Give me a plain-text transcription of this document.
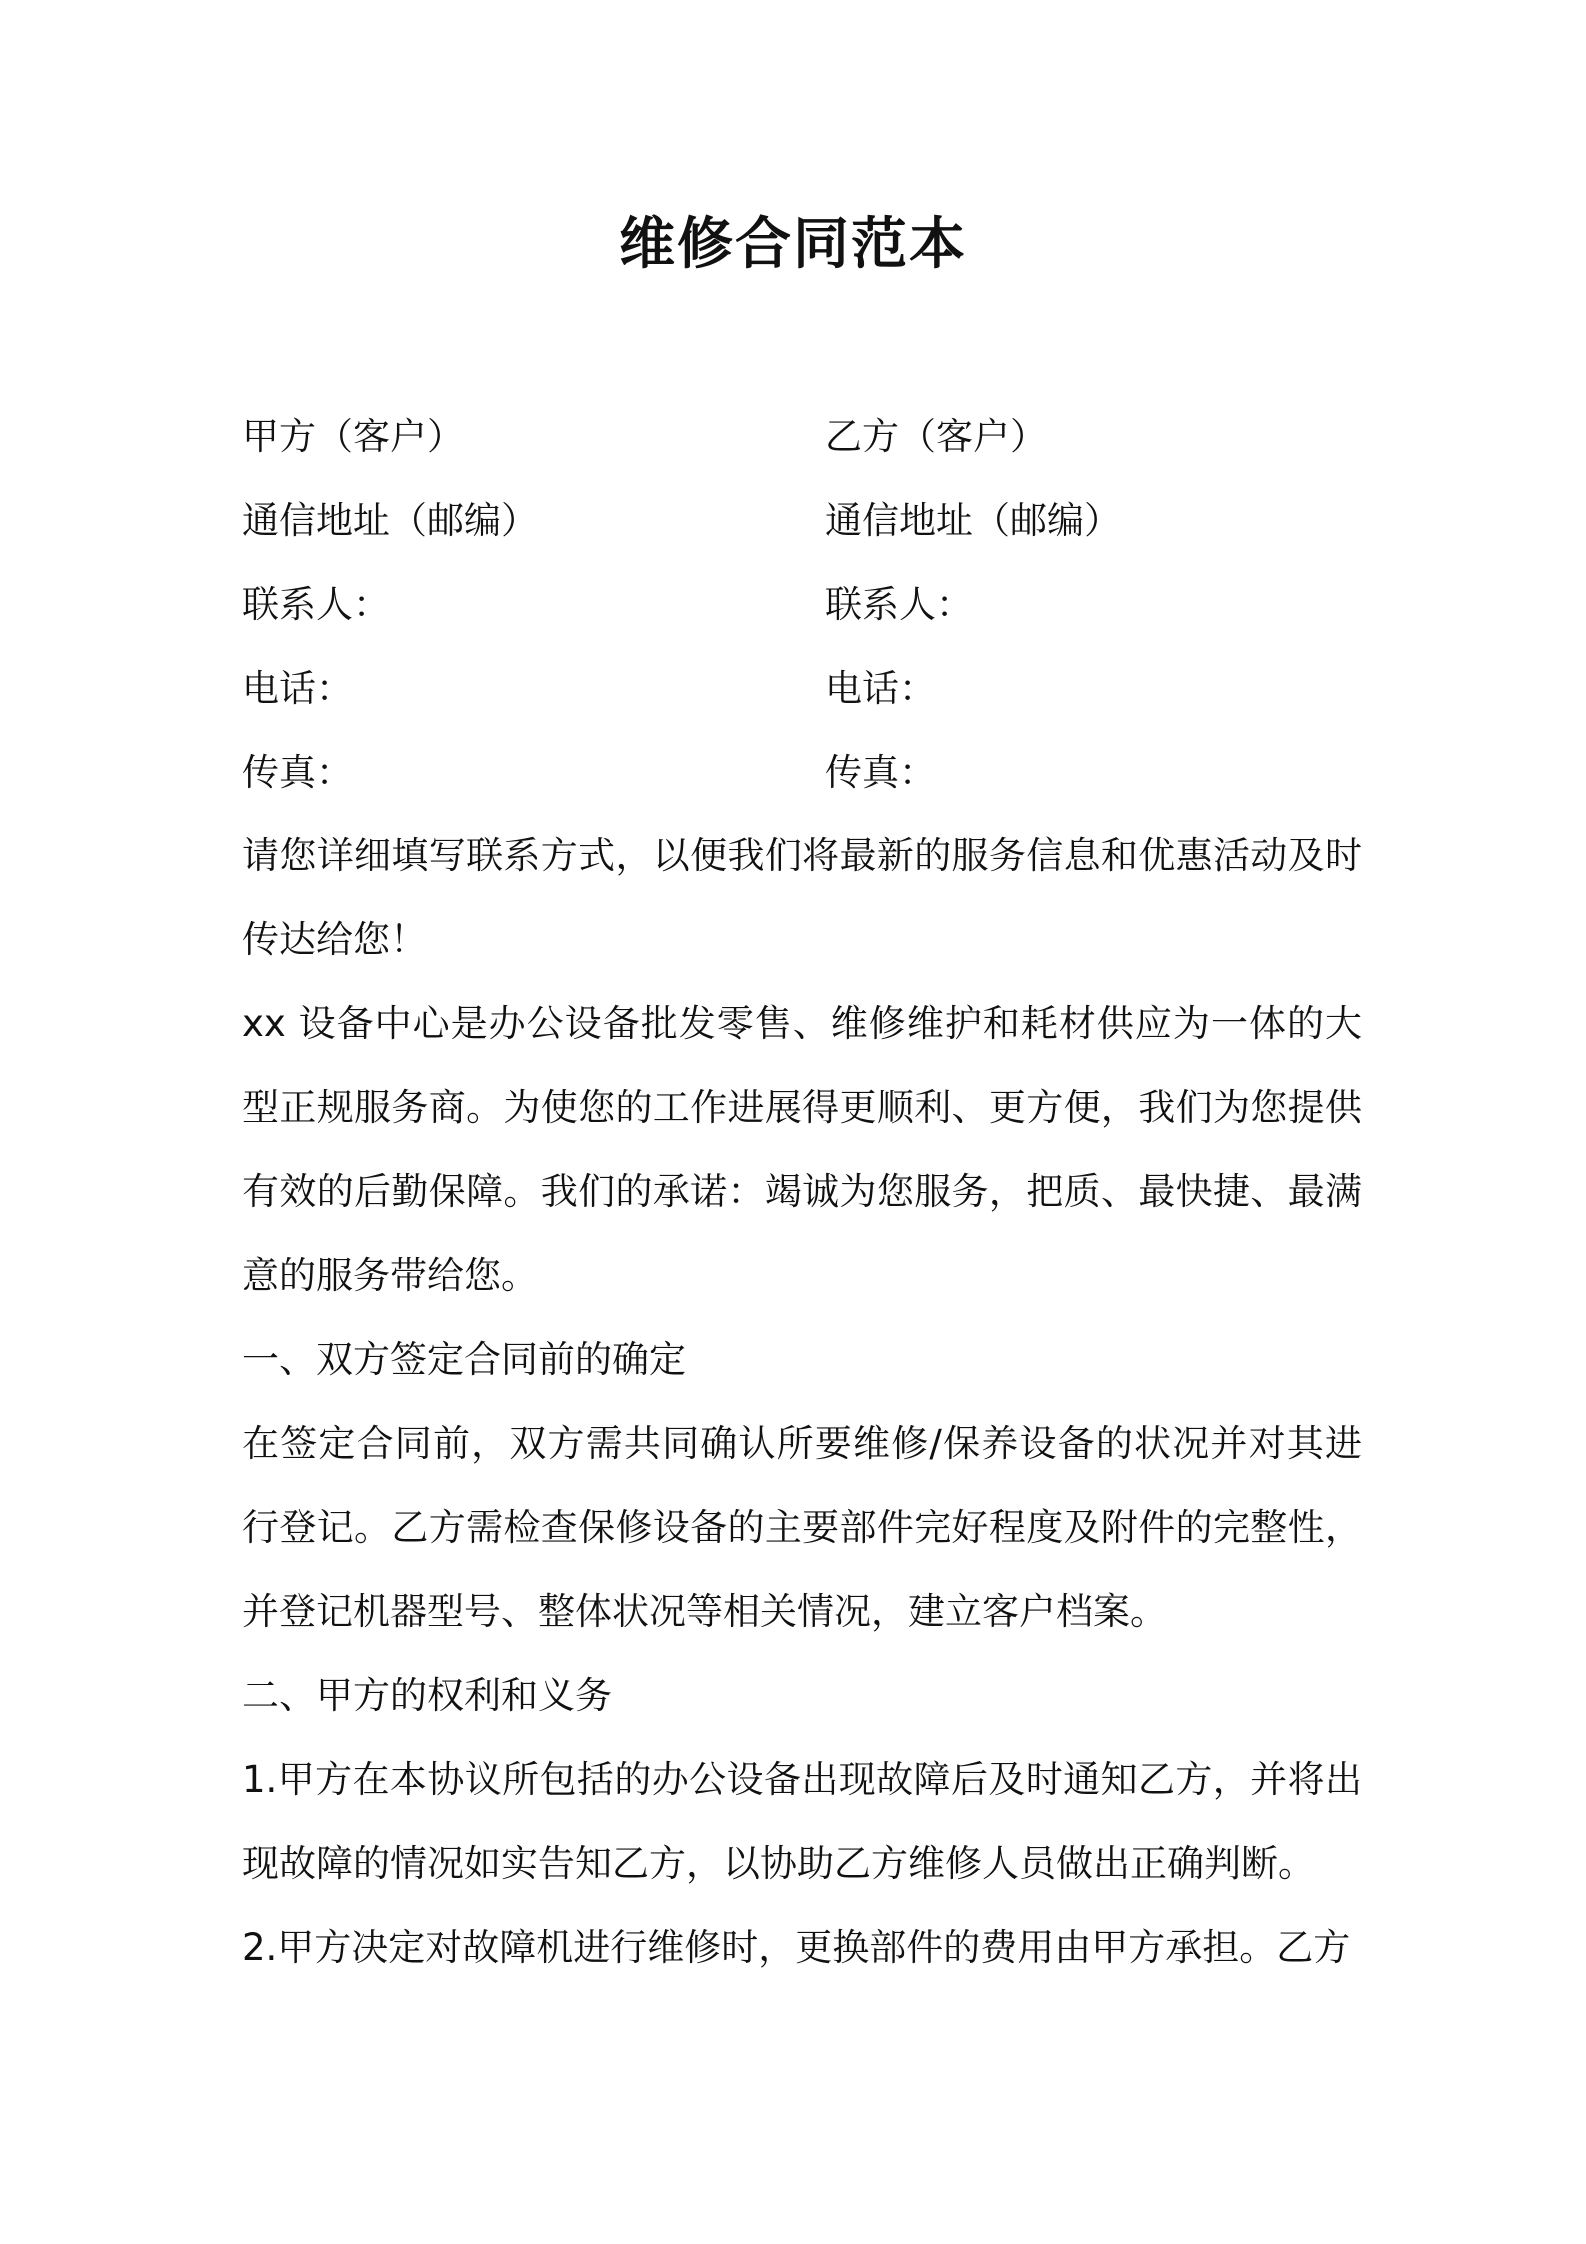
维修合同范本
甲方（客户）	乙方（客户）
通信地址（邮编）	通信地址（邮编）
联系人：	联系人：
电话：	电话：
传真：	传真：

请您详细填写联系方式，以便我们将最新的服务信息和优惠活动及时传达给您！

xx 设备中心是办公设备批发零售、维修维护和耗材供应为一体的大型正规服务商。为使您的工作进展得更顺利、更方便，我们为您提供有效的后勤保障。我们的承诺：竭诚为您服务，把质、最快捷、最满意的服务带给您。

一、双方签定合同前的确定

在签定合同前，双方需共同确认所要维修/保养设备的状况并对其进行登记。乙方需检查保修设备的主要部件完好程度及附件的完整性，并登记机器型号、整体状况等相关情况，建立客户档案。

二、甲方的权利和义务

1.甲方在本协议所包括的办公设备出现故障后及时通知乙方，并将出现故障的情况如实告知乙方，以协助乙方维修人员做出正确判断。

2.甲方决定对故障机进行维修时，更换部件的费用由甲方承担。乙方
